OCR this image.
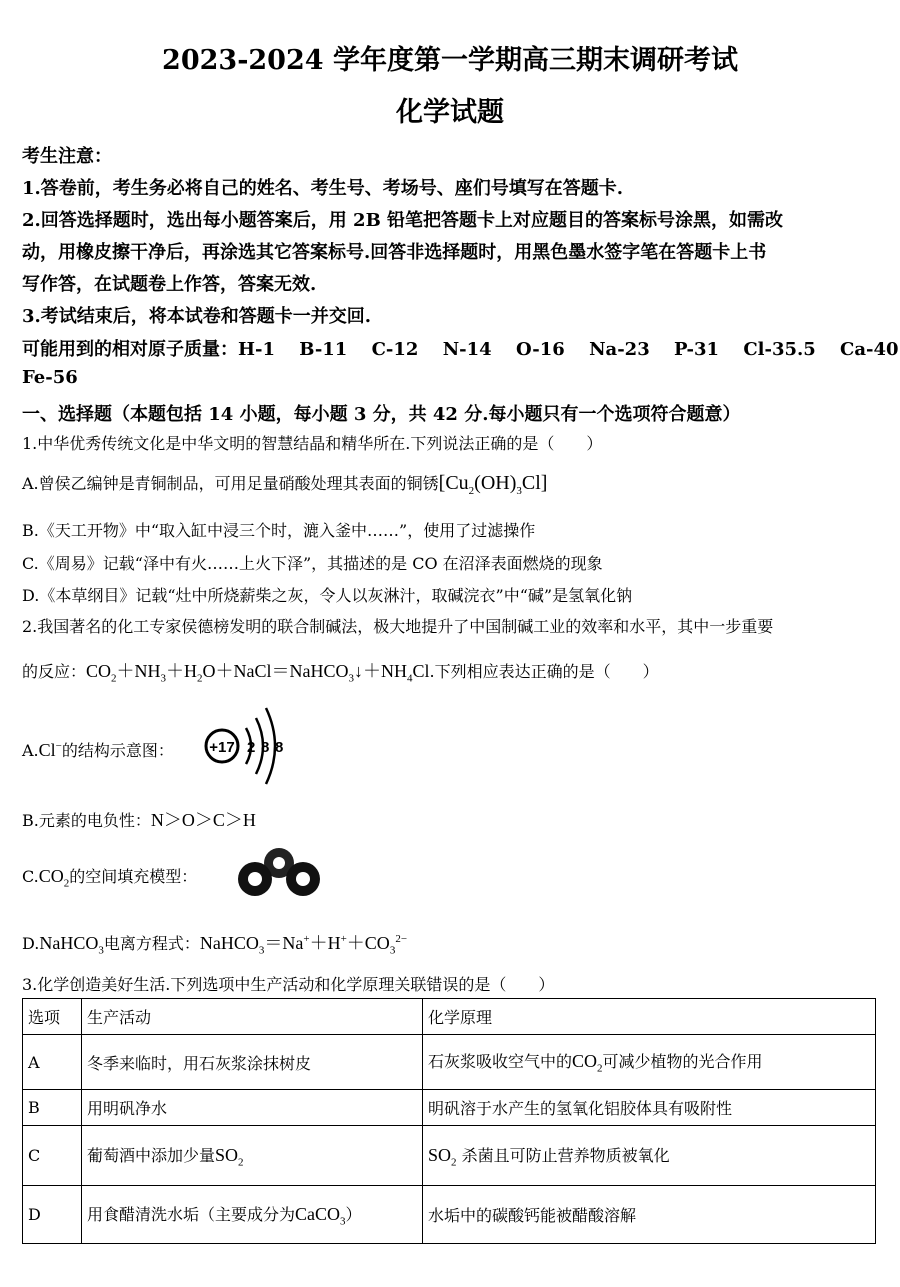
2023-2024 学年度第一学期高三期末调研考试
化学试题
考生注意：
1.答卷前，考生务必将自己的姓名、考生号、考场号、座们号填写在答题卡.
2.回答选择题时，选出每小题答案后，用 2B 铅笔把答题卡上对应题目的答案标号涂黑，如需改
动，用橡皮擦干净后，再涂选其它答案标号.回答非选择题时，用黑色墨水签字笔在答题卡上书
写作答，在试题卷上作答，答案无效.
3.考试结束后，将本试卷和答题卡一并交回.
可能用到的相对原子质量：H-1　 B-11　 C-12　 N-14　 O-16　 Na-23　 P-31　 Cl-35.5　 Ca-40
Fe-56
一、选择题（本题包括 14 小题，每小题 3 分，共 42 分.每小题只有一个选项符合题意）
1.中华优秀传统文化是中华文明的智慧结晶和精华所在.下列说法正确的是（　　）
A.曾侯乙编钟是青铜制品，可用足量硝酸处理其表面的铜锈$[Cu_2(OH)_3Cl]$
B.《天工开物》中“取入缸中浸三个时，漉入釜中……”，使用了过滤操作
C.《周易》记载“泽中有火……上火下泽”，其描述的是 CO 在沼泽表面燃烧的现象
D.《本草纲目》记载“灶中所烧薪柴之灰，令人以灰淋汁，取碱浣衣”中“碱”是氢氧化钠
2.我国著名的化工专家侯德榜发明的联合制碱法，极大地提升了中国制碱工业的效率和水平，其中一步重要
的反应：$CO_2+NH_3+H_2O+NaCl=NaHCO_3↓+NH_4Cl$.下列相应表达正确的是（　　）
A.Cl−的结构示意图： +17 2 8 8
B.元素的电负性：N＞O＞C＞H
$C.CO_2$的空间填充模型：
D.NaHCO$_3$电离方程式：$NaHCO_3=Na^++H^++CO_3^{2-}$
3.化学创造美好生活.下列选项中生产活动和化学原理关联错误的是（　　）
选项	生产活动	化学原理
A	冬季来临时，用石灰浆涂抹树皮	石灰浆吸收空气中的$CO_2$可减少植物的光合作用
B	用明矾净水	明矾溶于水产生的氢氧化铝胶体具有吸附性
C	葡萄酒中添加少量$SO_2$	$SO_2$ 杀菌且可防止营养物质被氧化
D	用食醋清洗水垢（主要成分为CaCO$_3$）	水垢中的碳酸钙能被醋酸溶解
